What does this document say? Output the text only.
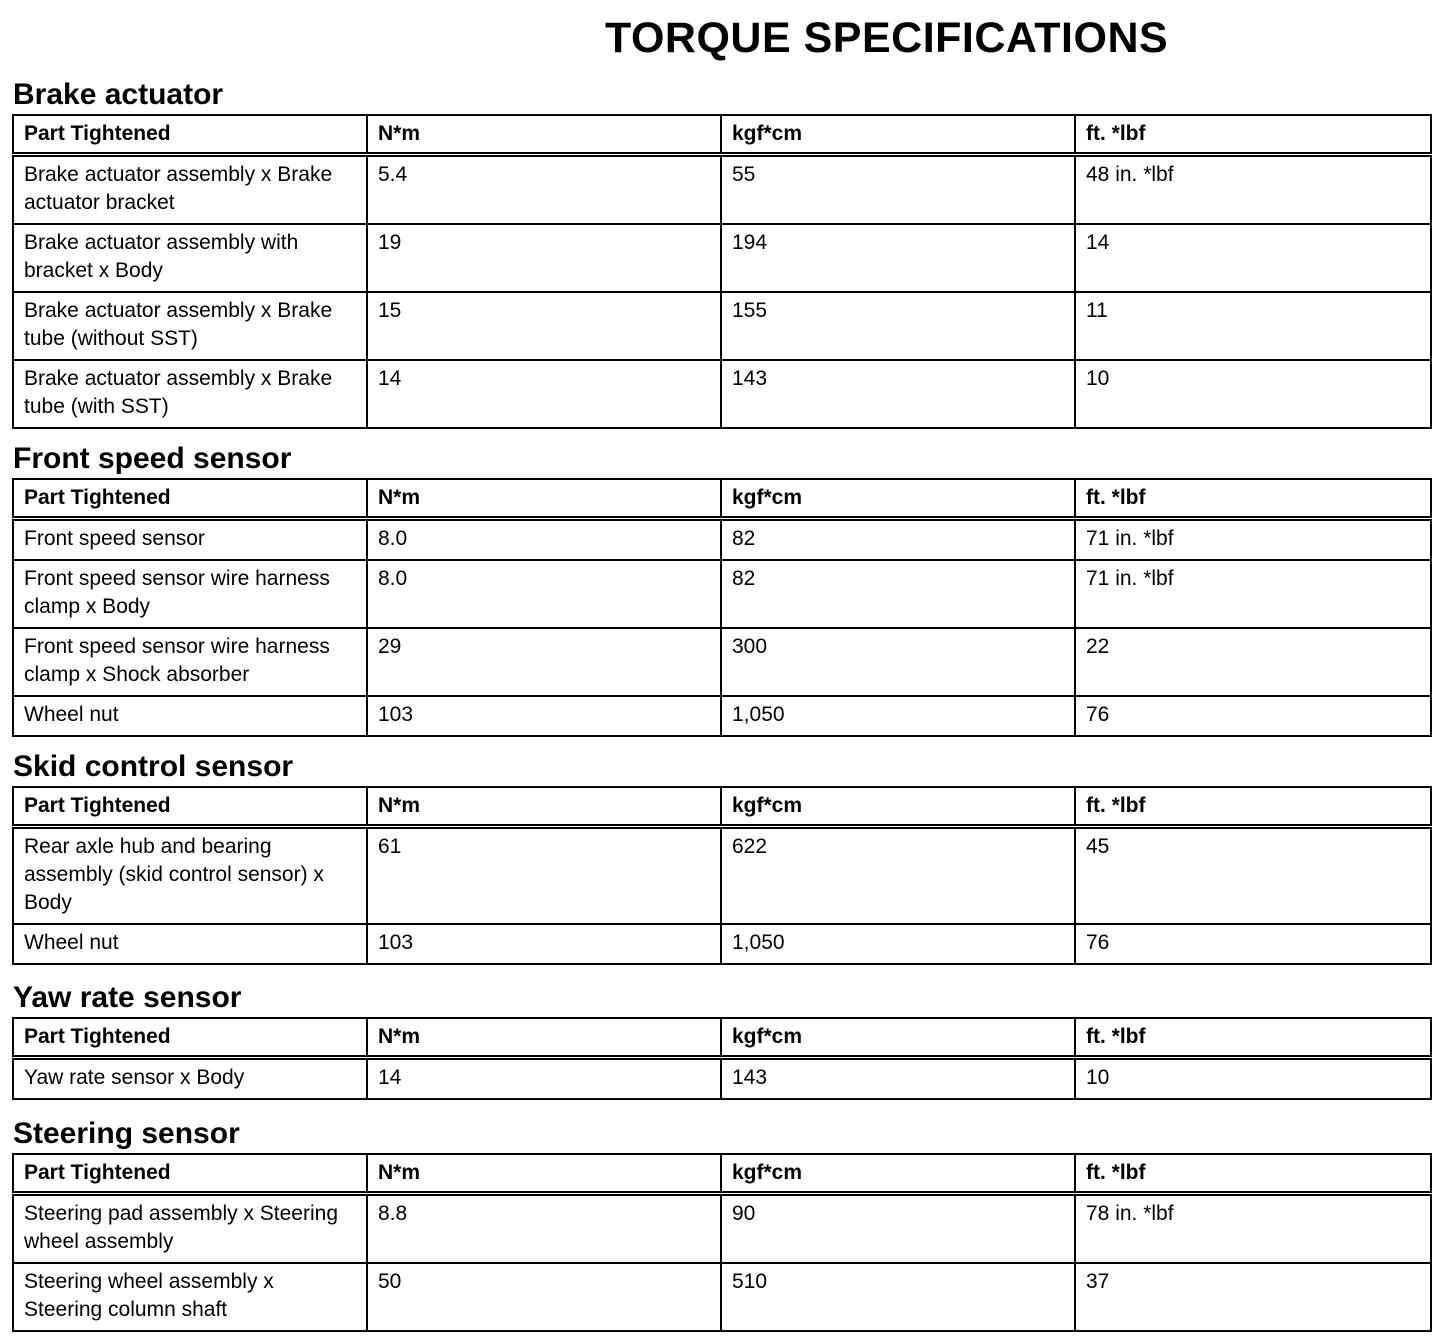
TORQUE SPECIFICATIONS
Brake actuator
Part Tightened	N*m	kgf*cm	ft. *lbf
Brake actuator assembly x Brake actuator bracket	5.4	55	48 in. *lbf
Brake actuator assembly with bracket x Body	19	194	14
Brake actuator assembly x Brake tube (without SST)	15	155	11
Brake actuator assembly x Brake tube (with SST)	14	143	10
Front speed sensor
Part Tightened	N*m	kgf*cm	ft. *lbf
Front speed sensor	8.0	82	71 in. *lbf
Front speed sensor wire harness clamp x Body	8.0	82	71 in. *lbf
Front speed sensor wire harness clamp x Shock absorber	29	300	22
Wheel nut	103	1,050	76
Skid control sensor
Part Tightened	N*m	kgf*cm	ft. *lbf
Rear axle hub and bearing assembly (skid control sensor) x Body	61	622	45
Wheel nut	103	1,050	76
Yaw rate sensor
Part Tightened	N*m	kgf*cm	ft. *lbf
Yaw rate sensor x Body	14	143	10
Steering sensor
Part Tightened	N*m	kgf*cm	ft. *lbf
Steering pad assembly x Steering wheel assembly	8.8	90	78 in. *lbf
Steering wheel assembly x Steering column shaft	50	510	37
